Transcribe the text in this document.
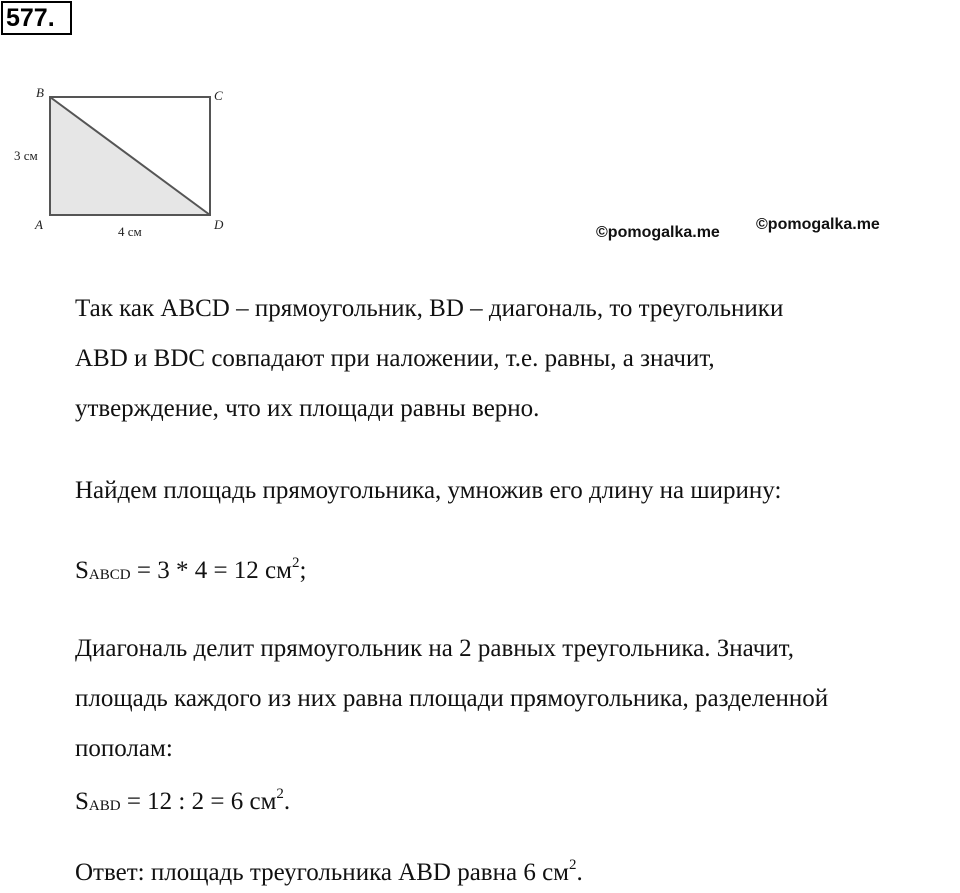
577.
B	C
A	D
3 см
4 см	©pomogalka.me ©pomogalka.me

Так как ABCD – прямоугольник, BD – диагональ, то треугольники
ABD и BDC совпадают при наложении, т.е. равны, а значит,
утверждение, что их площади равны верно.

Найдем площадь прямоугольника, умножив его длину на ширину:

$S_{ABCD} = 3 * 4 = 12$ $см^2$;

Диагональ делит прямоугольник на 2 равных треугольника. Значит,
площадь каждого из них равна площади прямоугольника, разделенной
пополам:

$S_{ABD} = 12$ : 2 = 6 $см^2$.

Ответ: площадь треугольника ABD равна 6 $см^2$.
